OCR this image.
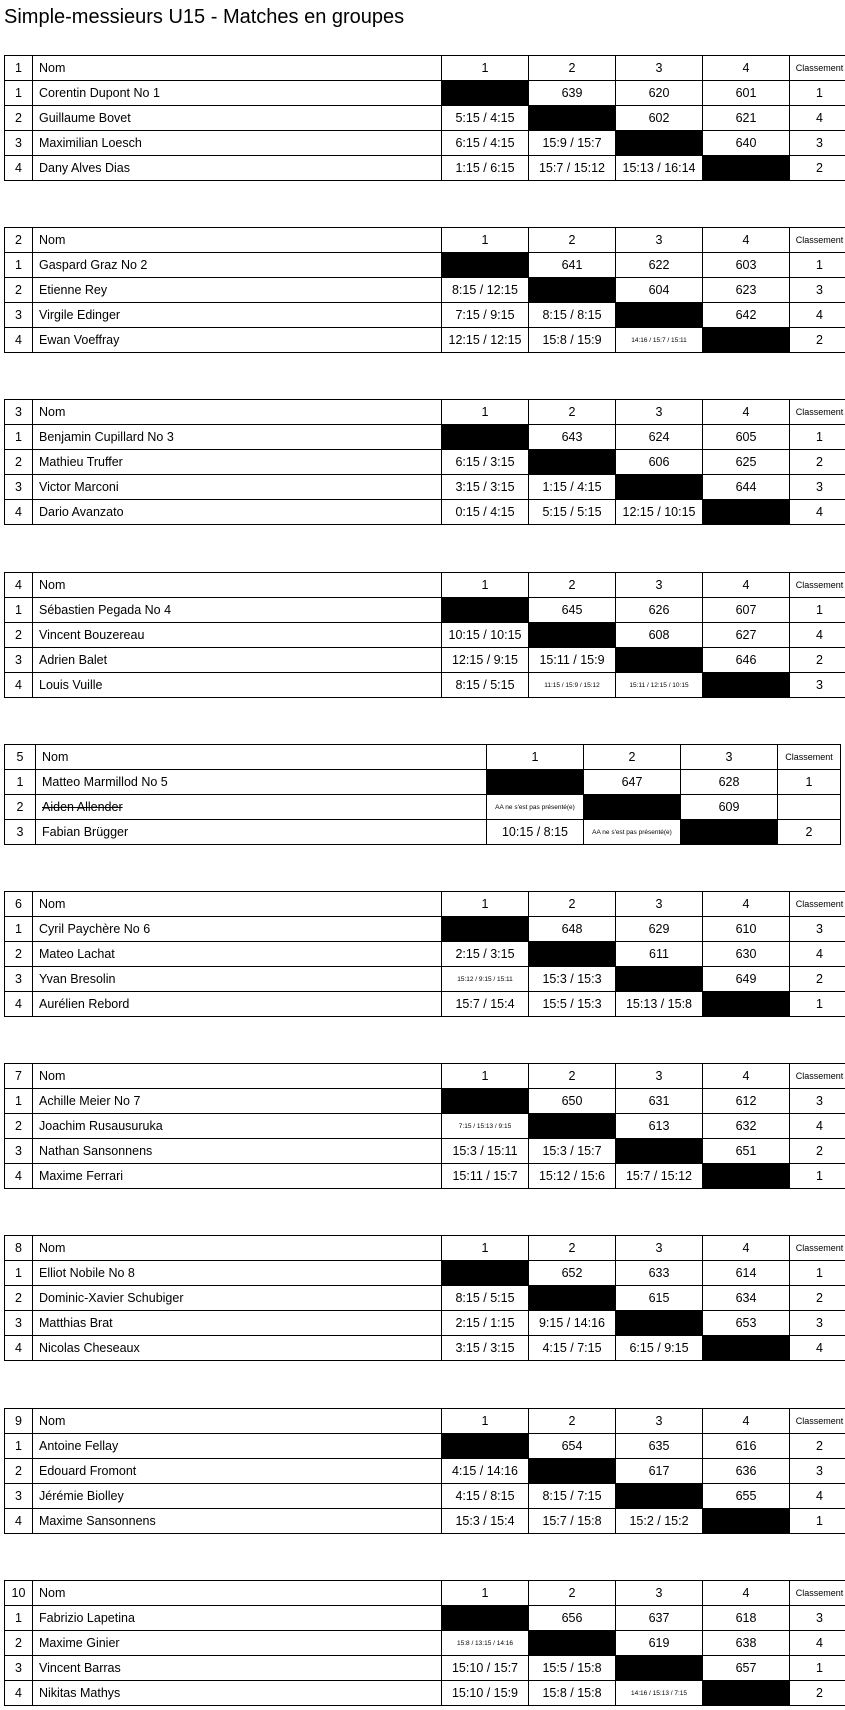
Simple-messieurs U15 - Matches en groupes
1	Nom	1	2	3	4	Classement
1	Corentin Dupont No 1		639	620	601	1
2	Guillaume Bovet	5:15 / 4:15		602	621	4
3	Maximilian Loesch	6:15 / 4:15	15:9 / 15:7		640	3
4	Dany Alves Dias	1:15 / 6:15	15:7 / 15:12	15:13 / 16:14		2
2	Nom	1	2	3	4	Classement
1	Gaspard Graz No 2		641	622	603	1
2	Etienne Rey	8:15 / 12:15		604	623	3
3	Virgile Edinger	7:15 / 9:15	8:15 / 8:15		642	4
4	Ewan Voeffray	12:15 / 12:15	15:8 / 15:9	14:16 / 15:7 / 15:11		2
3	Nom	1	2	3	4	Classement
1	Benjamin Cupillard No 3		643	624	605	1
2	Mathieu Truffer	6:15 / 3:15		606	625	2
3	Victor Marconi	3:15 / 3:15	1:15 / 4:15		644	3
4	Dario Avanzato	0:15 / 4:15	5:15 / 5:15	12:15 / 10:15		4
4	Nom	1	2	3	4	Classement
1	Sébastien Pegada No 4		645	626	607	1
2	Vincent Bouzereau	10:15 / 10:15		608	627	4
3	Adrien Balet	12:15 / 9:15	15:11 / 15:9		646	2
4	Louis Vuille	8:15 / 5:15	11:15 / 15:9 / 15:12	15:11 / 12:15 / 10:15		3
5	Nom	1	2	3	Classement
1	Matteo Marmillod No 5		647	628	1
2	Aiden Allender	AA ne s'est pas présenté(e)		609	
3	Fabian Brügger	10:15 / 8:15	AA ne s'est pas présenté(e)		2
6	Nom	1	2	3	4	Classement
1	Cyril Paychère No 6		648	629	610	3
2	Mateo Lachat	2:15 / 3:15		611	630	4
3	Yvan Bresolin	15:12 / 9:15 / 15:11	15:3 / 15:3		649	2
4	Aurélien Rebord	15:7 / 15:4	15:5 / 15:3	15:13 / 15:8		1
7	Nom	1	2	3	4	Classement
1	Achille Meier No 7		650	631	612	3
2	Joachim Rusausuruka	7:15 / 15:13 / 9:15		613	632	4
3	Nathan Sansonnens	15:3 / 15:11	15:3 / 15:7		651	2
4	Maxime Ferrari	15:11 / 15:7	15:12 / 15:6	15:7 / 15:12		1
8	Nom	1	2	3	4	Classement
1	Elliot Nobile No 8		652	633	614	1
2	Dominic-Xavier Schubiger	8:15 / 5:15		615	634	2
3	Matthias Brat	2:15 / 1:15	9:15 / 14:16		653	3
4	Nicolas Cheseaux	3:15 / 3:15	4:15 / 7:15	6:15 / 9:15		4
9	Nom	1	2	3	4	Classement
1	Antoine Fellay		654	635	616	2
2	Edouard Fromont	4:15 / 14:16		617	636	3
3	Jérémie Biolley	4:15 / 8:15	8:15 / 7:15		655	4
4	Maxime Sansonnens	15:3 / 15:4	15:7 / 15:8	15:2 / 15:2		1
10	Nom	1	2	3	4	Classement
1	Fabrizio Lapetina		656	637	618	3
2	Maxime Ginier	15:8 / 13:15 / 14:16		619	638	4
3	Vincent Barras	15:10 / 15:7	15:5 / 15:8		657	1
4	Nikitas Mathys	15:10 / 15:9	15:8 / 15:8	14:16 / 15:13 / 7:15		2
